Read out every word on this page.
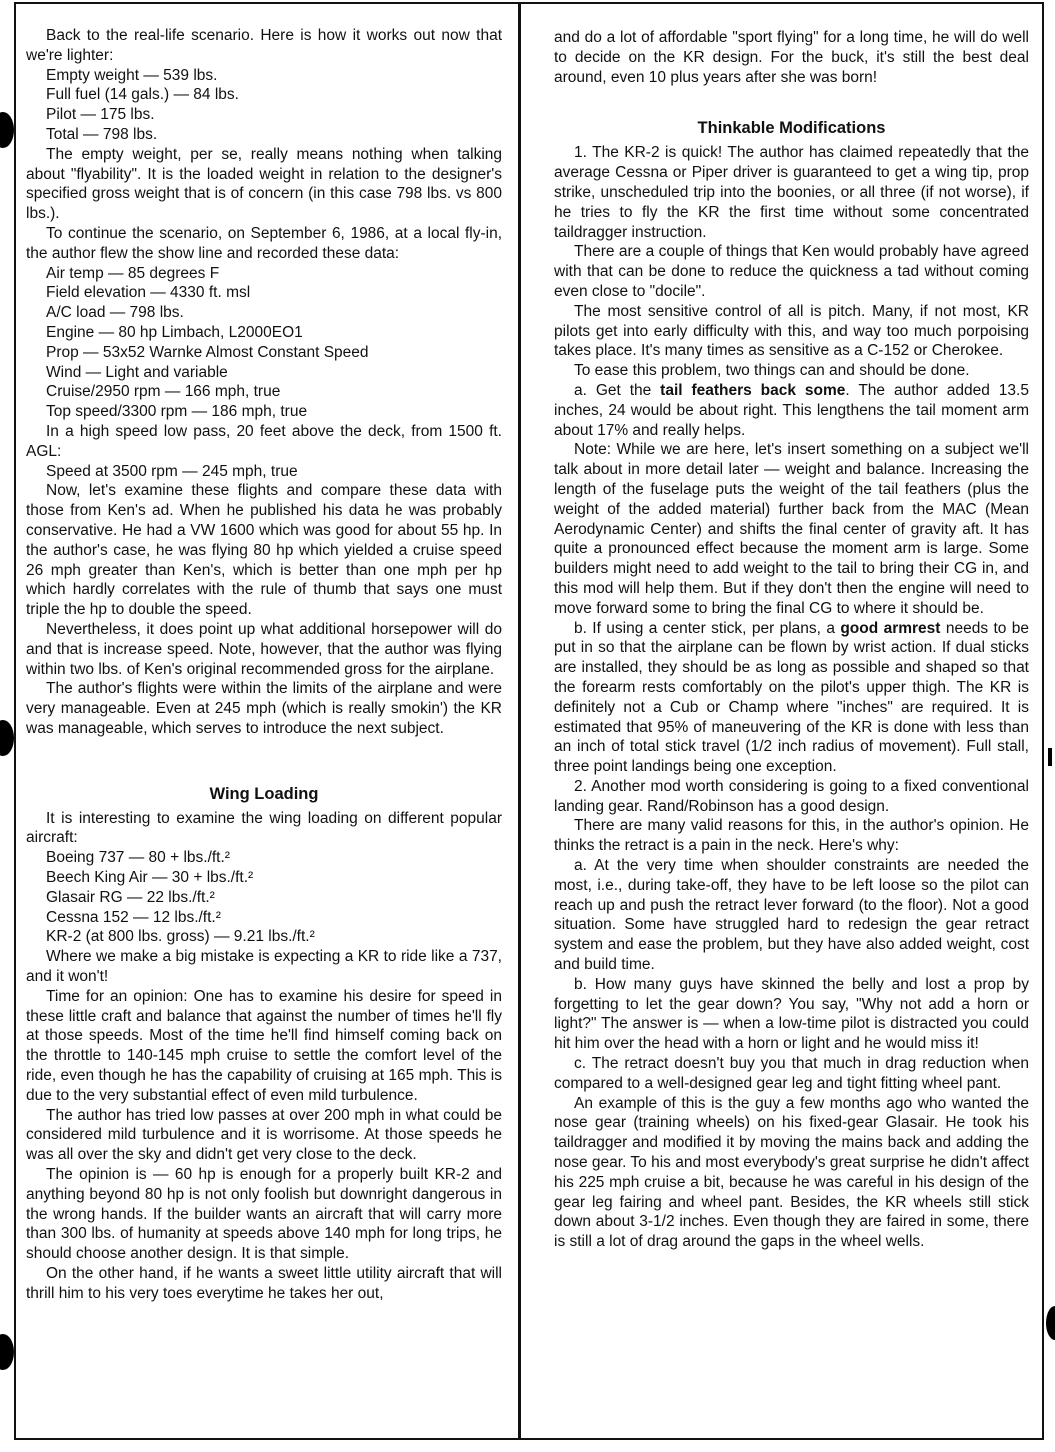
Back to the real-life scenario. Here is how it works out now that we're lighter:

Empty weight — 539 lbs.

Full fuel (14 gals.) — 84 lbs.

Pilot — 175 lbs.

Total — 798 lbs.

The empty weight, per se, really means nothing when talking about "flyability". It is the loaded weight in relation to the designer's specified gross weight that is of concern (in this case 798 lbs. vs 800 lbs.).

To continue the scenario, on September 6, 1986, at a local fly-in, the author flew the show line and recorded these data:

Air temp — 85 degrees F

Field elevation — 4330 ft. msl

A/C load — 798 lbs.

Engine — 80 hp Limbach, L2000EO1

Prop — 53x52 Warnke Almost Constant Speed

Wind — Light and variable

Cruise/2950 rpm — 166 mph, true

Top speed/3300 rpm — 186 mph, true

In a high speed low pass, 20 feet above the deck, from 1500 ft. AGL:

Speed at 3500 rpm — 245 mph, true

Now, let's examine these flights and compare these data with those from Ken's ad. When he published his data he was probably conservative. He had a VW 1600 which was good for about 55 hp. In the author's case, he was flying 80 hp which yielded a cruise speed 26 mph greater than Ken's, which is better than one mph per hp which hardly correlates with the rule of thumb that says one must triple the hp to double the speed.

Nevertheless, it does point up what additional horsepower will do and that is increase speed. Note, however, that the author was flying within two lbs. of Ken's original recommended gross for the airplane.

The author's flights were within the limits of the airplane and were very manageable. Even at 245 mph (which is really smokin') the KR was manageable, which serves to introduce the next subject.

Wing Loading

It is interesting to examine the wing loading on different popular aircraft:

Boeing 737 — 80 + lbs./ft.²

Beech King Air — 30 + lbs./ft.²

Glasair RG — 22 lbs./ft.²

Cessna 152 — 12 lbs./ft.²

KR-2 (at 800 lbs. gross) — 9.21 lbs./ft.²

Where we make a big mistake is expecting a KR to ride like a 737, and it won't!

Time for an opinion: One has to examine his desire for speed in these little craft and balance that against the number of times he'll fly at those speeds. Most of the time he'll find himself coming back on the throttle to 140-145 mph cruise to settle the comfort level of the ride, even though he has the capability of cruising at 165 mph. This is due to the very substantial effect of even mild turbulence.

The author has tried low passes at over 200 mph in what could be considered mild turbulence and it is worrisome. At those speeds he was all over the sky and didn't get very close to the deck.

The opinion is — 60 hp is enough for a properly built KR-2 and anything beyond 80 hp is not only foolish but downright dangerous in the wrong hands. If the builder wants an aircraft that will carry more than 300 lbs. of humanity at speeds above 140 mph for long trips, he should choose another design. It is that simple.

On the other hand, if he wants a sweet little utility aircraft that will thrill him to his very toes everytime he takes her out,

and do a lot of affordable "sport flying" for a long time, he will do well to decide on the KR design. For the buck, it's still the best deal around, even 10 plus years after she was born!

Thinkable Modifications

1. The KR-2 is quick! The author has claimed repeatedly that the average Cessna or Piper driver is guaranteed to get a wing tip, prop strike, unscheduled trip into the boonies, or all three (if not worse), if he tries to fly the KR the first time without some concentrated taildragger instruction.

There are a couple of things that Ken would probably have agreed with that can be done to reduce the quickness a tad without coming even close to "docile".

The most sensitive control of all is pitch. Many, if not most, KR pilots get into early difficulty with this, and way too much porpoising takes place. It's many times as sensitive as a C-152 or Cherokee.

To ease this problem, two things can and should be done.

a. Get the tail feathers back some. The author added 13.5 inches, 24 would be about right. This lengthens the tail moment arm about 17% and really helps.

Note: While we are here, let's insert something on a subject we'll talk about in more detail later — weight and balance. Increasing the length of the fuselage puts the weight of the tail feathers (plus the weight of the added material) further back from the MAC (Mean Aerodynamic Center) and shifts the final center of gravity aft. It has quite a pronounced effect because the moment arm is large. Some builders might need to add weight to the tail to bring their CG in, and this mod will help them. But if they don't then the engine will need to move forward some to bring the final CG to where it should be.

b. If using a center stick, per plans, a good armrest needs to be put in so that the airplane can be flown by wrist action. If dual sticks are installed, they should be as long as possible and shaped so that the forearm rests comfortably on the pilot's upper thigh. The KR is definitely not a Cub or Champ where "inches" are required. It is estimated that 95% of maneuvering of the KR is done with less than an inch of total stick travel (1/2 inch radius of movement). Full stall, three point landings being one exception.

2. Another mod worth considering is going to a fixed conventional landing gear. Rand/Robinson has a good design.

There are many valid reasons for this, in the author's opinion. He thinks the retract is a pain in the neck. Here's why:

a. At the very time when shoulder constraints are needed the most, i.e., during take-off, they have to be left loose so the pilot can reach up and push the retract lever forward (to the floor). Not a good situation. Some have struggled hard to redesign the gear retract system and ease the problem, but they have also added weight, cost and build time.

b. How many guys have skinned the belly and lost a prop by forgetting to let the gear down? You say, "Why not add a horn or light?" The answer is — when a low-time pilot is distracted you could hit him over the head with a horn or light and he would miss it!

c. The retract doesn't buy you that much in drag reduction when compared to a well-designed gear leg and tight fitting wheel pant.

An example of this is the guy a few months ago who wanted the nose gear (training wheels) on his fixed-gear Glasair. He took his taildragger and modified it by moving the mains back and adding the nose gear. To his and most everybody's great surprise he didn't affect his 225 mph cruise a bit, because he was careful in his design of the gear leg fairing and wheel pant. Besides, the KR wheels still stick down about 3-1/2 inches. Even though they are faired in some, there is still a lot of drag around the gaps in the wheel wells.
